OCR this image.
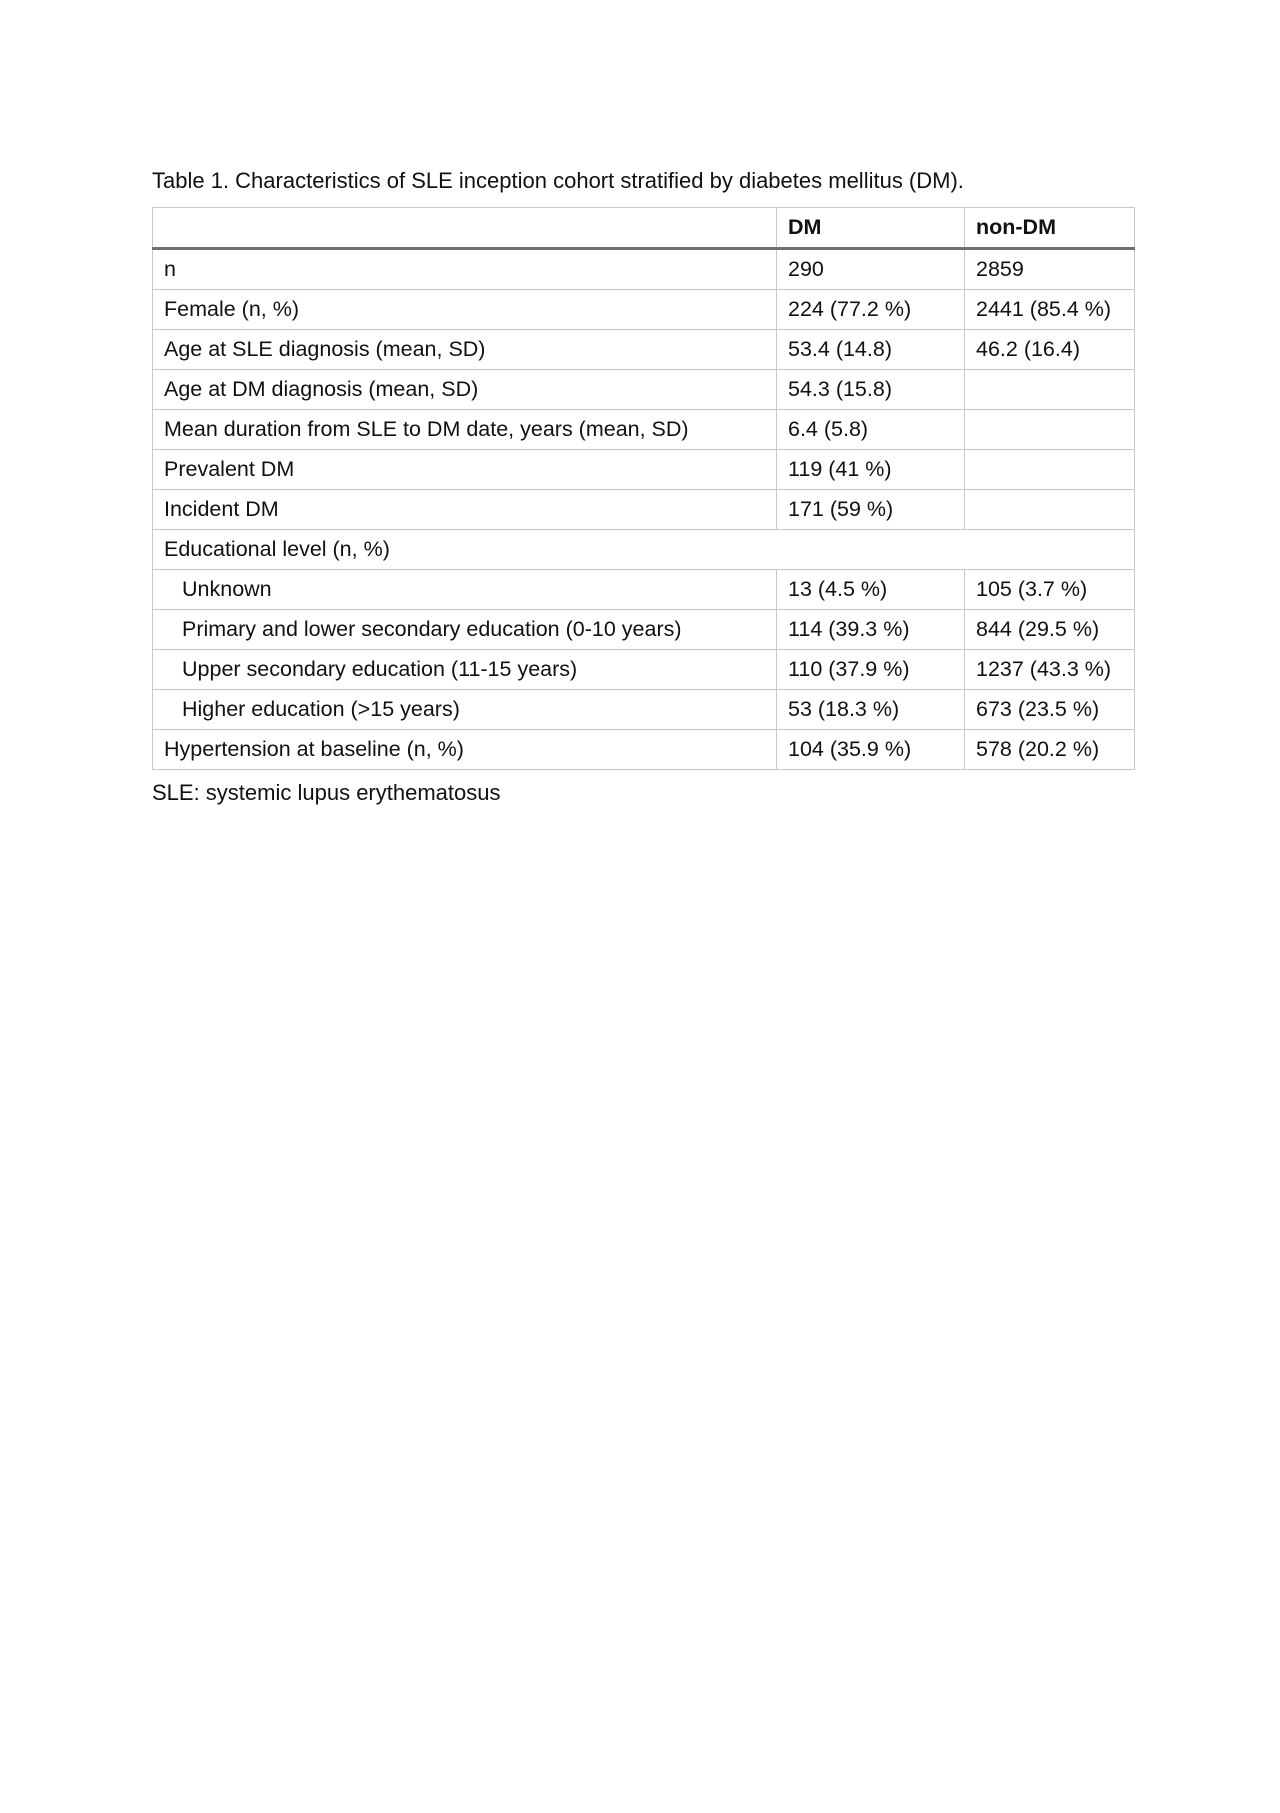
Table 1. Characteristics of SLE inception cohort stratified by diabetes mellitus (DM).
	DM	non-DM
n	290	2859
Female (n, %)	224 (77.2 %)	2441 (85.4 %)
Age at SLE diagnosis (mean, SD)	53.4 (14.8)	46.2 (16.4)
Age at DM diagnosis (mean, SD)	54.3 (15.8)	
Mean duration from SLE to DM date, years (mean, SD)	6.4 (5.8)	
Prevalent DM	119 (41 %)	
Incident DM	171 (59 %)	
Educational level (n, %)		
Unknown	13 (4.5 %)	105 (3.7 %)
Primary and lower secondary education (0-10 years)	114 (39.3 %)	844 (29.5 %)
Upper secondary education (11-15 years)	110 (37.9 %)	1237 (43.3 %)
Higher education (>15 years)	53 (18.3 %)	673 (23.5 %)
Hypertension at baseline (n, %)	104 (35.9 %)	578 (20.2 %)
SLE: systemic lupus erythematosus
